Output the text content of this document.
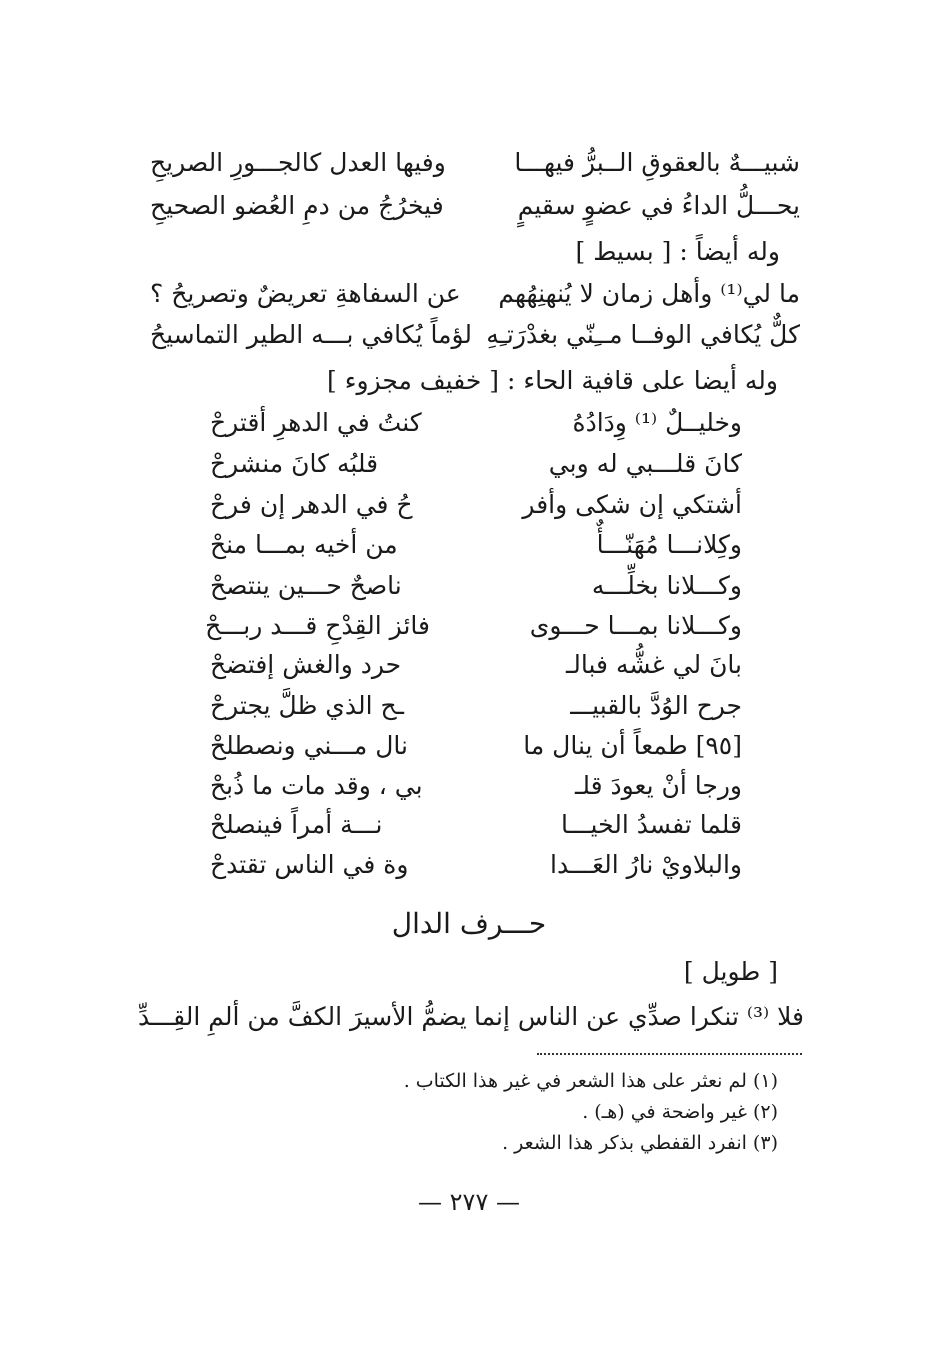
شبيـــهٌ بالعقوقِ الــبرُّ فيهـــا
وفيها العدل كالجـــورِ الصريحِ
يحـــلُّ الداءُ في عضوٍ سقيمٍ
فيخرُجُ من دمِ العُضو الصحيحِ
وله أيضاً : [ بسيط ]
ما لي⁽¹⁾ وأهل زمان لا يُنهنِهُهم
عن السفاهةِ تعريضٌ وتصريحُ ؟
كلٌّ يُكافي الوفــا مــِنّي بغدْرَتـِهِ
لؤماً يُكافي بـــه الطير التماسيحُ
وله أيضا على قافية الحاء : [ خفيف مجزوء ]
وخليــلٌ ⁽¹⁾ وِدَادُهُ
كنتُ في الدهرِ أقترحْ
كانَ قلـــبي له وبي
قلبُه كانَ منشرحْ
أشتكي إن شكى وأفر
حُ في الدهر إن فرحْ
وكِلانـــا مُهَنّـــأٌ
من أخيه بمـــا منحْ
وكـــلانا بخلِّـــه
ناصحٌ حـــين ينتصحْ
وكـــلانا بمـــا حـــوى
فائز القِدْحِ قـــد ربـــحْ
بانَ لي غشُّه فبالـ
حرد والغش إفتضحْ
جرح الوُدَّ بالقبيـــ
ـح الذي ظلَّ يجترحْ
[٩٥] طمعاً أن ينال ما
نال مـــني ونصطلحْ
ورجا أنْ يعودَ قلـ
بي ، وقد مات ما ذُبحْ
قلما تفسدُ الخيـــا
نـــة أمراً فينصلحْ
والبلاويْ نارُ العَـــدا
وة في الناس تقتدحْ
حـــرف الدال
[ طويل ]
فلا ⁽³⁾ تنكرا صدِّي عن الناس إنما
يضمُّ الأسيرَ الكفَّ من ألمِ القِـــدِّ
(١) لم نعثر على هذا الشعر في غير هذا الكتاب .
(٢) غير واضحة في (هـ) .
(٣) انفرد القفطي بذكر هذا الشعر .
— ٢٧٧ —
